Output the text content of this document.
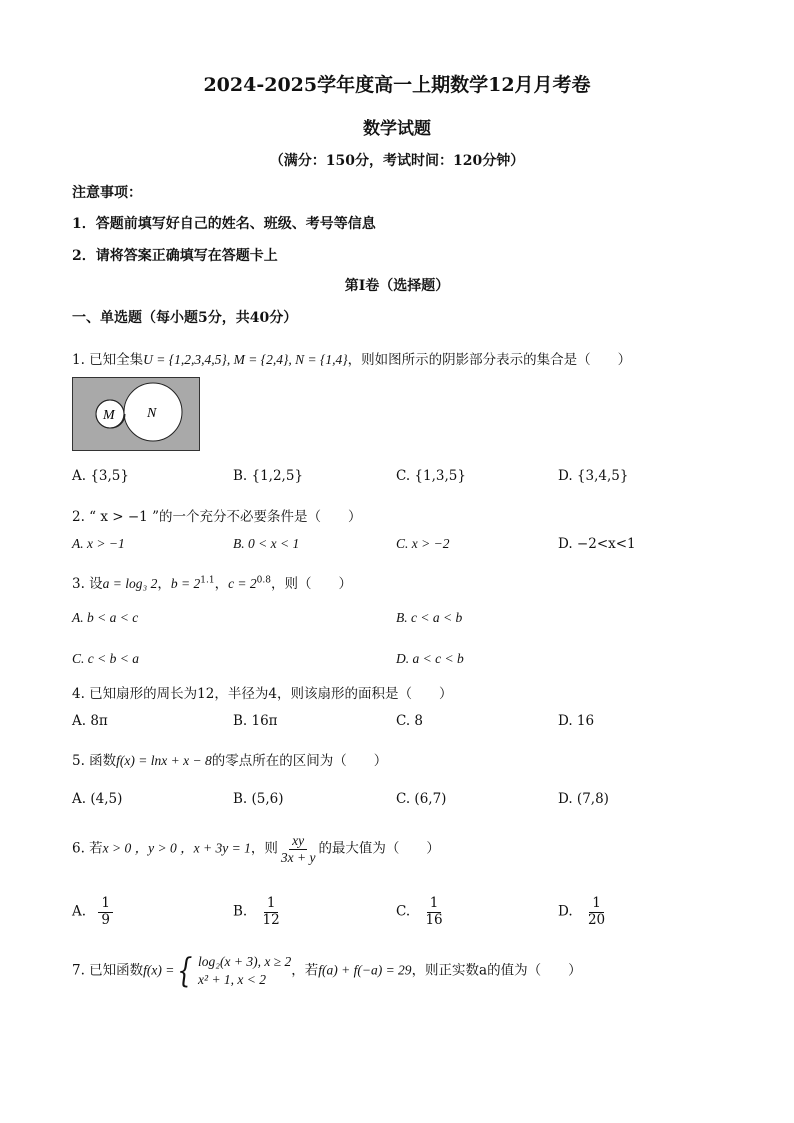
2024-2025学年度高一上期数学12月月考卷
数学试题
（满分：150分，考试时间：120分钟）
注意事项：
1．答题前填写好自己的姓名、班级、考号等信息
2．请将答案正确填写在答题卡上
第I卷（选择题）
一、单选题（每小题5分，共40分）
1. 已知全集U = {1,2,3,4,5}, M = {2,4}, N = {1,4}，则如图所示的阴影部分表示的集合是（　　）
M N
A. {3,5}	B. {1,2,5}	C. {1,3,5}	D. {3,4,5}
2. “ x > −1 ”的一个充分不必要条件是（　　）
A. x > −1	B. 0 < x < 1	C. x > −2	D. −2<x<1
3. 设a = log₃ 2，$b = 2^{1.1}$，$c = 2^{0.8}$，则（　　）
A. b < a < c	B. c < a < b
C. c < b < a	D. a < c < b
4. 已知扇形的周长为12，半径为4，则该扇形的面积是（　　）
A. 8π	B. 16π	C. 8	D. 16
5. 函数f(x) = lnx + x − 8的零点所在的区间为（　　）
A. (4,5)	B. (5,6)	C. (6,7)	D. (7,8)
6. 若x > 0 ，y > 0 ，x + 3y = 1，则 $\frac{xy}{3x + y}$ 的最大值为（　　）
A. $\frac{1}{9}$	B. $\frac{1}{12}$	C. $\frac{1}{16}$	D. $\frac{1}{20}$
7. 已知函数f(x) = { log₂(x + 3), x ≥ 2
x² + 1, x < 2
，若f(a) + f(−a) = 29，则正实数a的值为（　　）
